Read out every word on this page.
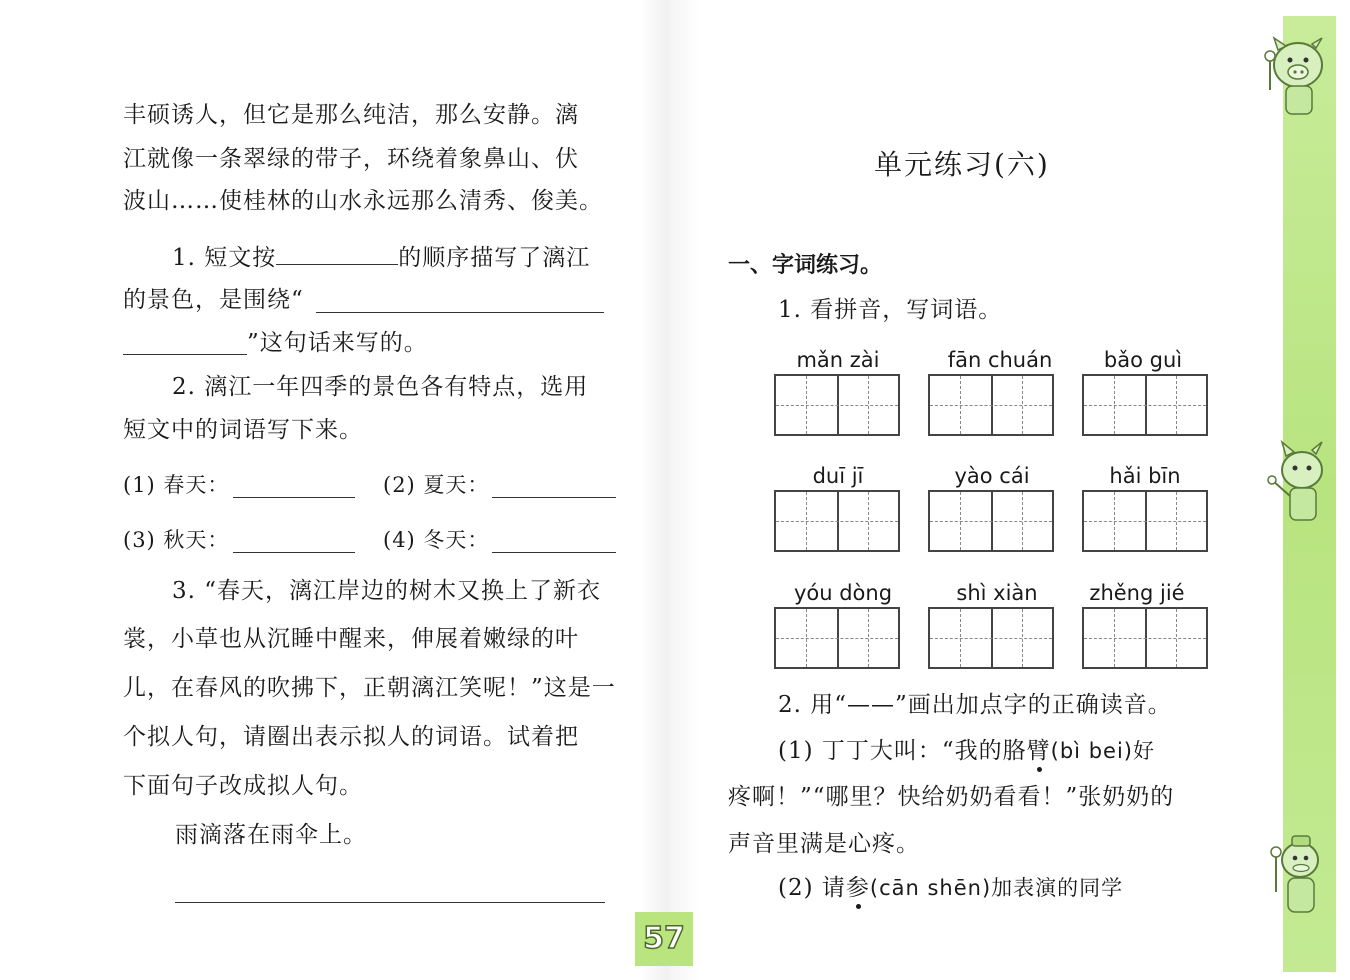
丰硕诱人，但它是那么纯洁，那么安静。漓
江就像一条翠绿的带子，环绕着象鼻山、伏
波山……使桂林的山水永远那么清秀、俊美。
1. 短文按	的顺序描写了漓江
的景色，是围绕“
”这句话来写的。
2. 漓江一年四季的景色各有特点，选用
短文中的词语写下来。
(1) 春天：	(2) 夏天：
(3) 秋天：	(4) 冬天：
3. “春天，漓江岸边的树木又换上了新衣
裳，小草也从沉睡中醒来，伸展着嫩绿的叶
儿，在春风的吹拂下，正朝漓江笑呢！”这是一
个拟人句，请圈出表示拟人的词语。试着把
下面句子改成拟人句。
雨滴落在雨伞上。
单元练习(六)
一、字词练习。
1. 看拼音，写词语。
mǎn zài	fān chuán	bǎo guì
duī jī	yào cái	hǎi bīn
yóu dòng	shì xiàn	zhěng jié
2. 用“——”画出加点字的正确读音。
(1) 丁丁大叫：“我的胳臂(bì bei)好
疼啊！”“哪里？快给奶奶看看！”张奶奶的
声音里满是心疼。
(2) 请参(cān shēn)加表演的同学
57
